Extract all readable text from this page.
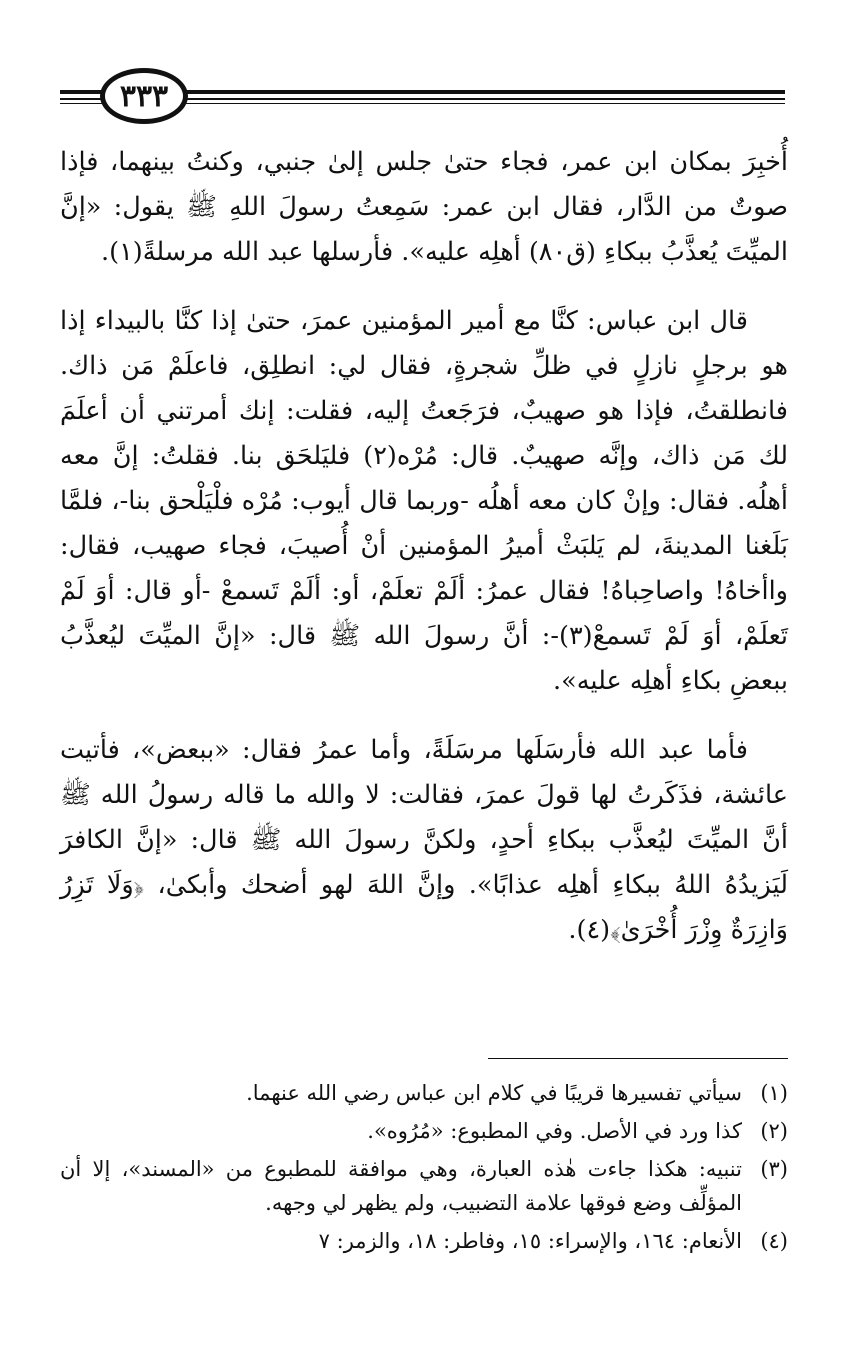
٣٣٣

أُخبِرَ بمكان ابن عمر، فجاء حتىٰ جلس إلىٰ جنبي، وكنتُ بينهما، فإذا صوتٌ من الدَّار، فقال ابن عمر: سَمِعتُ رسولَ اللهِ ﷺ يقول: «إنَّ الميِّتَ يُعذَّبُ ببكاءِ (ق٨٠) أهلِه عليه». فأرسلها عبد الله مرسلةً(١).

قال ابن عباس: كنَّا مع أمير المؤمنين عمرَ، حتىٰ إذا كنَّا بالبيداء إذا هو برجلٍ نازلٍ في ظلِّ شجرةٍ، فقال لي: انطلِق، فاعلَمْ مَن ذاك. فانطلقتُ، فإذا هو صهيبٌ، فرَجَعتُ إليه، فقلت: إنك أمرتني أن أعلَمَ لك مَن ذاك، وإنَّه صهيبٌ. قال: مُرْه(٢) فليَلحَق بنا. فقلتُ: إنَّ معه أهلُه. فقال: وإنْ كان معه أهلُه -وربما قال أيوب: مُرْه فلْيَلْحق بنا-، فلمَّا بَلَغنا المدينةَ، لم يَلبَثْ أميرُ المؤمنين أنْ أُصيبَ، فجاء صهيب، فقال: واأخاهُ! واصاحِباهُ! فقال عمرُ: ألَمْ تعلَمْ، أو: ألَمْ تَسمعْ -أو قال: أوَ لَمْ تَعلَمْ، أوَ لَمْ تَسمعْ(٣)-: أنَّ رسولَ الله ﷺ قال: «إنَّ الميِّتَ ليُعذَّبُ ببعضِ بكاءِ أهلِه عليه».

فأما عبد الله فأرسَلَها مرسَلَةً، وأما عمرُ فقال: «ببعض»، فأتيت عائشة، فذَكَرتُ لها قولَ عمرَ، فقالت: لا والله ما قاله رسولُ الله ﷺ أنَّ الميِّتَ ليُعذَّب ببكاءِ أحدٍ، ولكنَّ رسولَ الله ﷺ قال: «إنَّ الكافرَ لَيَزيدُهُ اللهُ ببكاءِ أهلِه عذابًا». وإنَّ اللهَ لهو أضحك وأبكىٰ، ﴿وَلَا تَزِرُ وَازِرَةٌ وِزْرَ أُخْرَىٰ﴾(٤).

(١)
سيأتي تفسيرها قريبًا في كلام ابن عباس رضي الله عنهما.
(٢)
كذا ورد في الأصل. وفي المطبوع: «مُرُوه».
(٣)
تنبيه: هكذا جاءت هٰذه العبارة، وهي موافقة للمطبوع من «المسند»، إلا أن المؤلِّف وضع فوقها علامة التضبيب، ولم يظهر لي وجهه.
(٤)
الأنعام: ١٦٤، والإسراء: ١٥، وفاطر: ١٨، والزمر: ٧
